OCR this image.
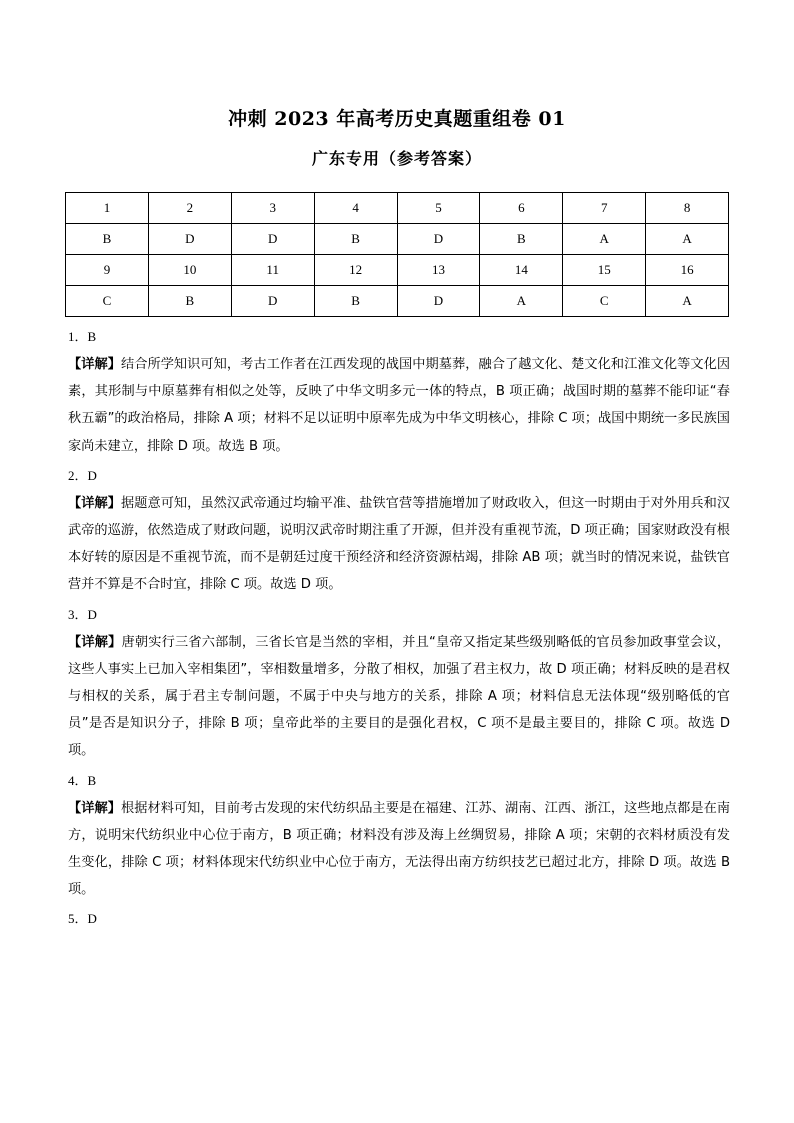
冲刺 2023 年高考历史真题重组卷 01
广东专用（参考答案）
1	2	3	4	5	6	7	8
B	D	D	B	D	B	A	A
9	10	11	12	13	14	15	16
C	B	D	B	D	A	C	A
1．B
【详解】结合所学知识可知，考古工作者在江西发现的战国中期墓葬，融合了越文化、楚文化和江淮文化等文化因素，其形制与中原墓葬有相似之处等，反映了中华文明多元一体的特点，B 项正确；战国时期的墓葬不能印证“春秋五霸”的政治格局，排除 A 项；材料不足以证明中原率先成为中华文明核心，排除 C 项；战国中期统一多民族国家尚未建立，排除 D 项。故选 B 项。
2．D
【详解】据题意可知，虽然汉武帝通过均输平准、盐铁官营等措施增加了财政收入，但这一时期由于对外用兵和汉武帝的巡游，依然造成了财政问题，说明汉武帝时期注重了开源，但并没有重视节流，D 项正确；国家财政没有根本好转的原因是不重视节流，而不是朝廷过度干预经济和经济资源枯竭，排除 AB 项；就当时的情况来说，盐铁官营并不算是不合时宜，排除 C 项。故选 D 项。
3．D
【详解】唐朝实行三省六部制，三省长官是当然的宰相，并且“皇帝又指定某些级别略低的官员参加政事堂会议，这些人事实上已加入宰相集团”，宰相数量增多，分散了相权，加强了君主权力，故 D 项正确；材料反映的是君权与相权的关系，属于君主专制问题，不属于中央与地方的关系，排除 A 项；材料信息无法体现“级别略低的官员”是否是知识分子，排除 B 项；皇帝此举的主要目的是强化君权，C 项不是最主要目的，排除 C 项。故选 D 项。
4．B
【详解】根据材料可知，目前考古发现的宋代纺织品主要是在福建、江苏、湖南、江西、浙江，这些地点都是在南方，说明宋代纺织业中心位于南方，B 项正确；材料没有涉及海上丝绸贸易，排除 A 项；宋朝的衣料材质没有发生变化，排除 C 项；材料体现宋代纺织业中心位于南方，无法得出南方纺织技艺已超过北方，排除 D 项。故选 B 项。
5．D
